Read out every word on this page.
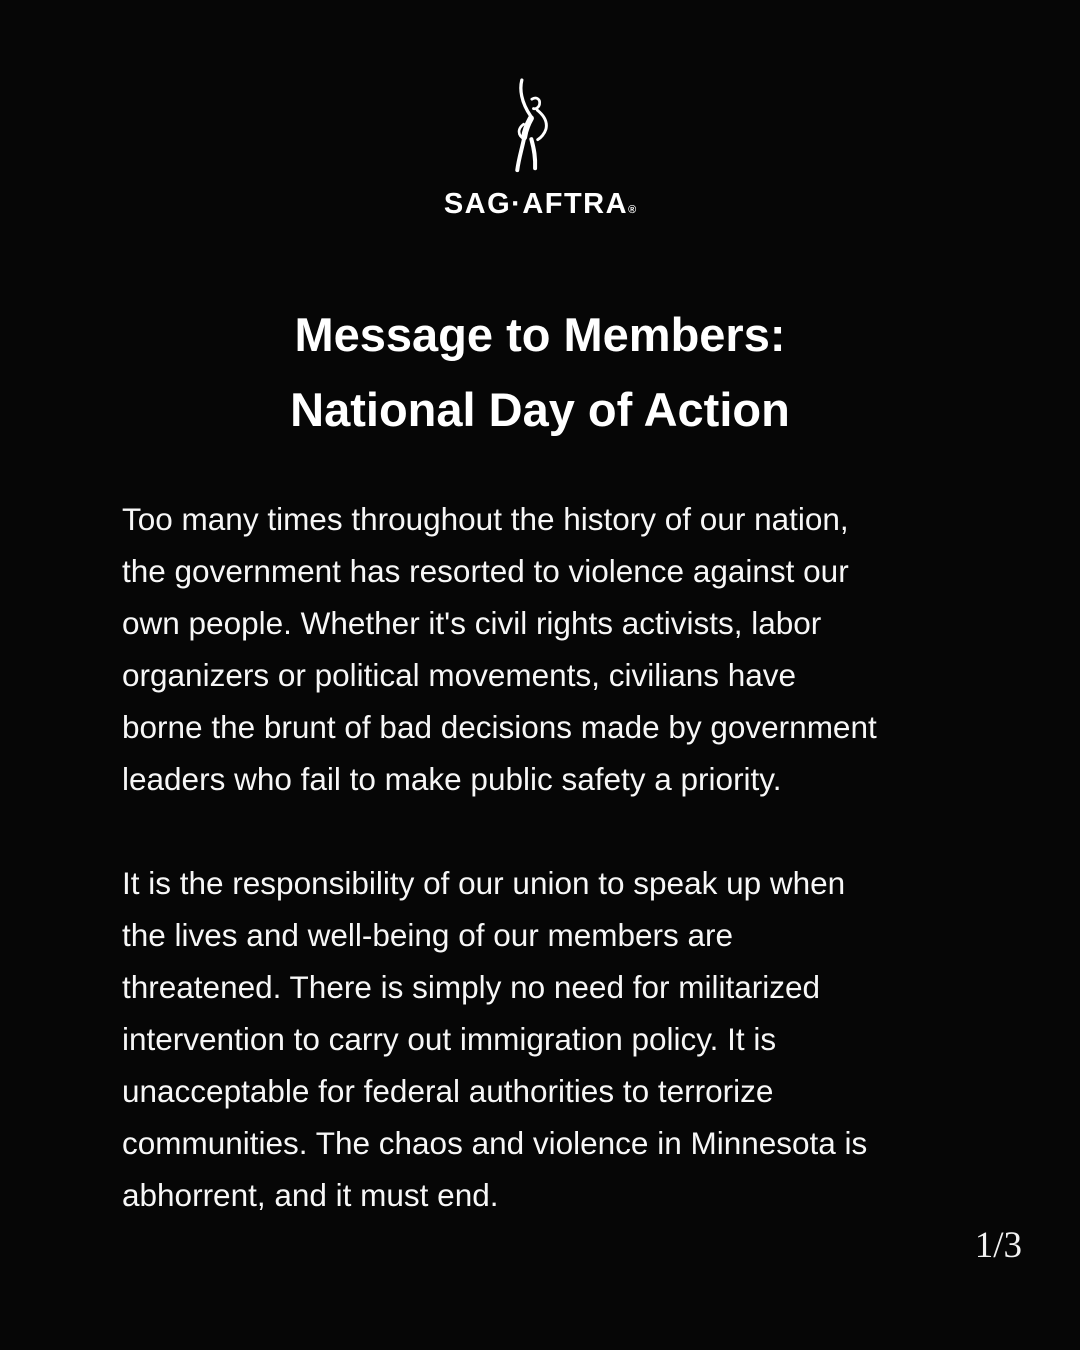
SAG·AFTRA®
Message to Members:
National Day of Action
Too many times throughout the history of our nation,
the government has resorted to violence against our
own people. Whether it's civil rights activists, labor
organizers or political movements, civilians have
borne the brunt of bad decisions made by government
leaders who fail to make public safety a priority.
It is the responsibility of our union to speak up when
the lives and well-being of our members are
threatened. There is simply no need for militarized
intervention to carry out immigration policy. It is
unacceptable for federal authorities to terrorize
communities. The chaos and violence in Minnesota is
abhorrent, and it must end.
1/3
